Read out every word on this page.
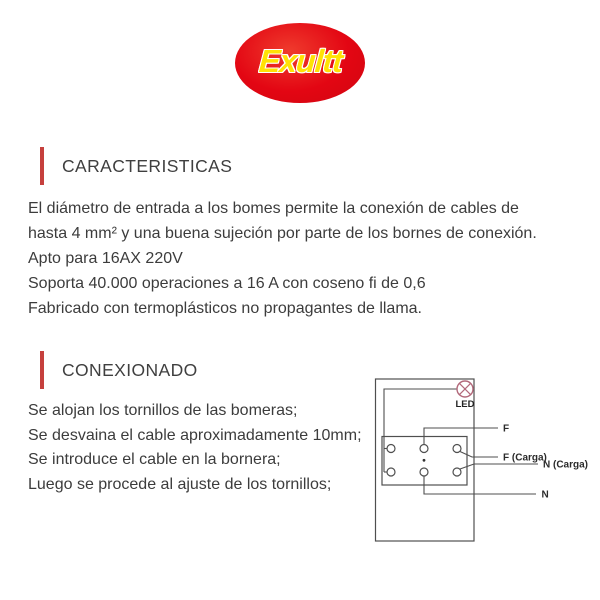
Exultt
CARACTERISTICAS
El diámetro de entrada a los bomes permite la conexión de cables de
hasta 4 mm² y una buena sujeción por parte de los bornes de conexión.
Apto para 16AX 220V
Soporta 40.000 operaciones a 16 A con coseno fi de 0,6
Fabricado con termoplásticos no propagantes de llama.
CONEXIONADO
Se alojan los tornillos de las bomeras;
Se desvaina el cable aproximadamente 10mm;
Se introduce el cable en la bornera;
Luego se procede al ajuste de los tornillos;
LED
F
F (Carga)
N (Carga)
N
